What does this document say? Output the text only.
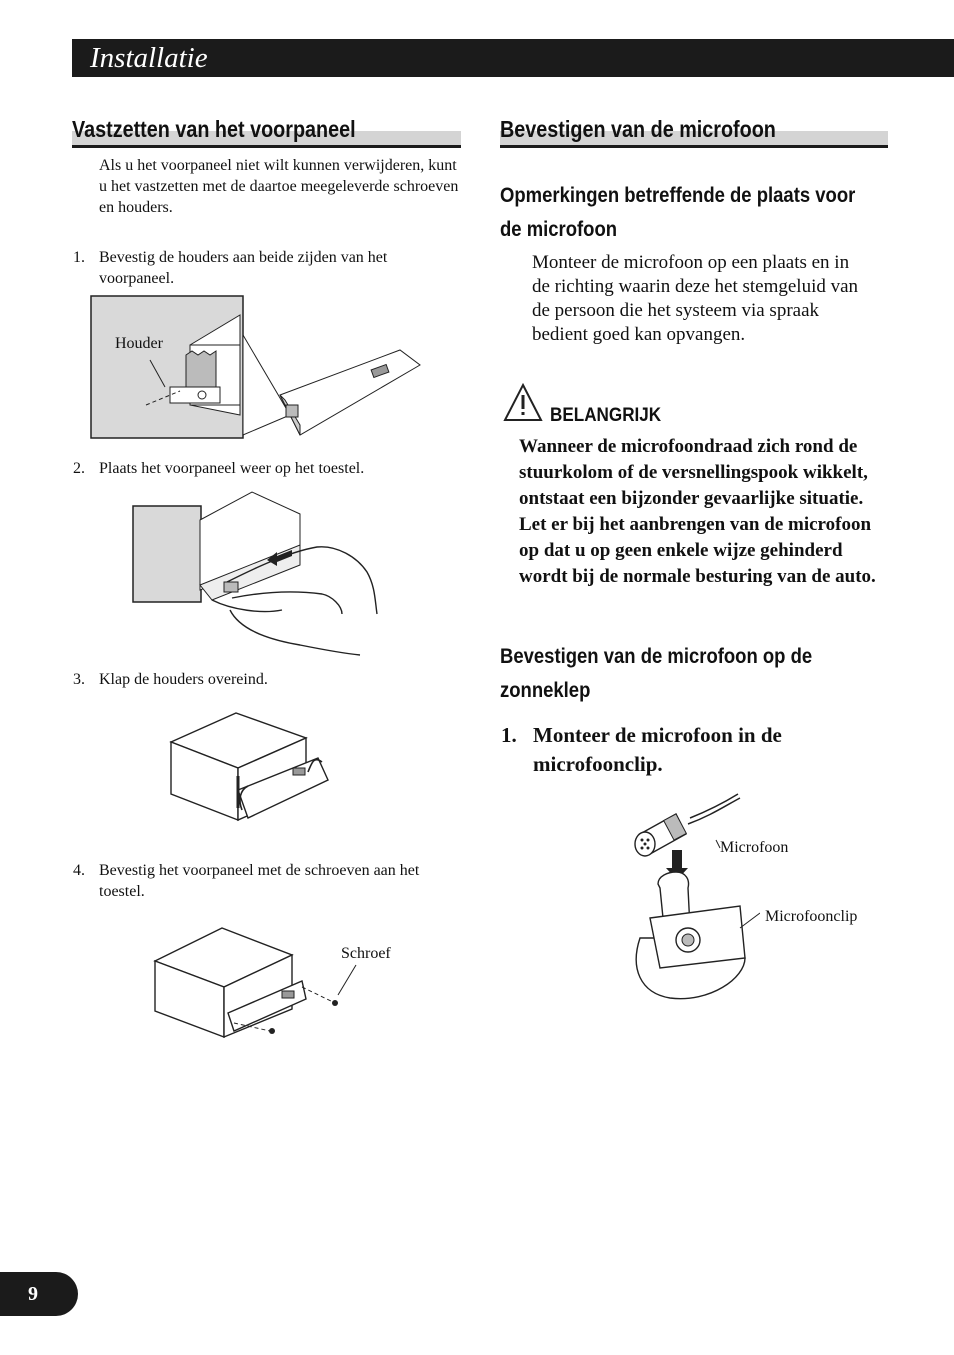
Installatie
Vastzetten van het voorpaneel
Als u het voorpaneel niet wilt kunnen verwijderen, kunt u het vastzetten met de daartoe meegeleverde schroeven en houders.
1. Bevestig de houders aan beide zijden van het voorpaneel.
Houder
2. Plaats het voorpaneel weer op het toestel.
3. Klap de houders overeind.
4. Bevestig het voorpaneel met de schroeven aan het toestel.
Schroef
Bevestigen van de microfoon
Opmerkingen betreffende de plaats voor de microfoon
Monteer de microfoon op een plaats en in de richting waarin deze het stemgeluid van de persoon die het systeem via spraak bedient goed kan opvangen.
BELANGRIJK
Wanneer de microfoondraad zich rond de stuurkolom of de versnellingspook wikkelt, ontstaat een bijzonder gevaarlijke situatie. Let er bij het aanbrengen van de microfoon op dat u op geen enkele wijze gehinderd wordt bij de normale besturing van de auto.
Bevestigen van de microfoon op de zonneklep
1. Monteer de microfoon in de microfoonclip.
Microfoon
Microfoonclip
9
